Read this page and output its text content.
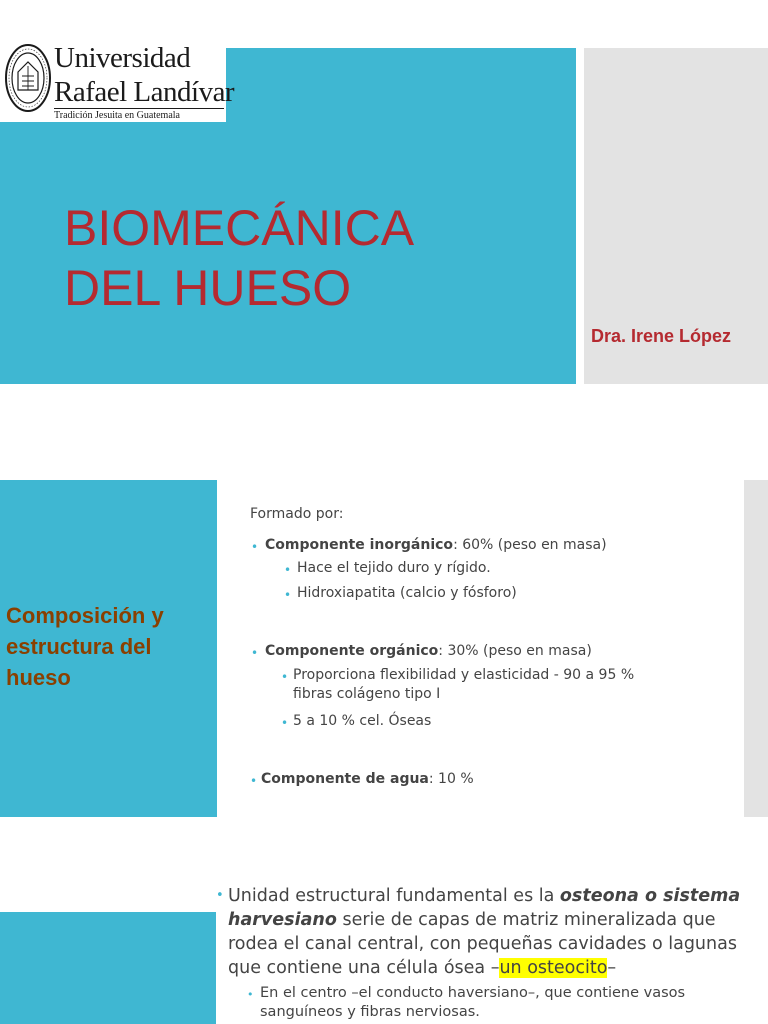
Universidad
Rafael Landívar
Tradición Jesuita en Guatemala
BIOMECÁNICA
DEL HUESO
Dra. Irene López
Composición y estructura del hueso
Formado por:
• Componente inorgánico: 60% (peso en masa)
• Hace el tejido duro y rígido.
• Hidroxiapatita (calcio y fósforo)
• Componente orgánico: 30% (peso en masa)
• Proporciona flexibilidad y elasticidad - 90 a 95 %
fibras colágeno tipo I
• 5 a 10 % cel. Óseas
• Componente de agua: 10 %
• Unidad estructural fundamental es la osteona o sistema
harvesiano serie de capas de matriz mineralizada que
rodea el canal central, con pequeñas cavidades o lagunas
que contiene una célula ósea –un osteocito–
• En el centro –el conducto haversiano–, que contiene vasos
sanguíneos y fibras nerviosas.
